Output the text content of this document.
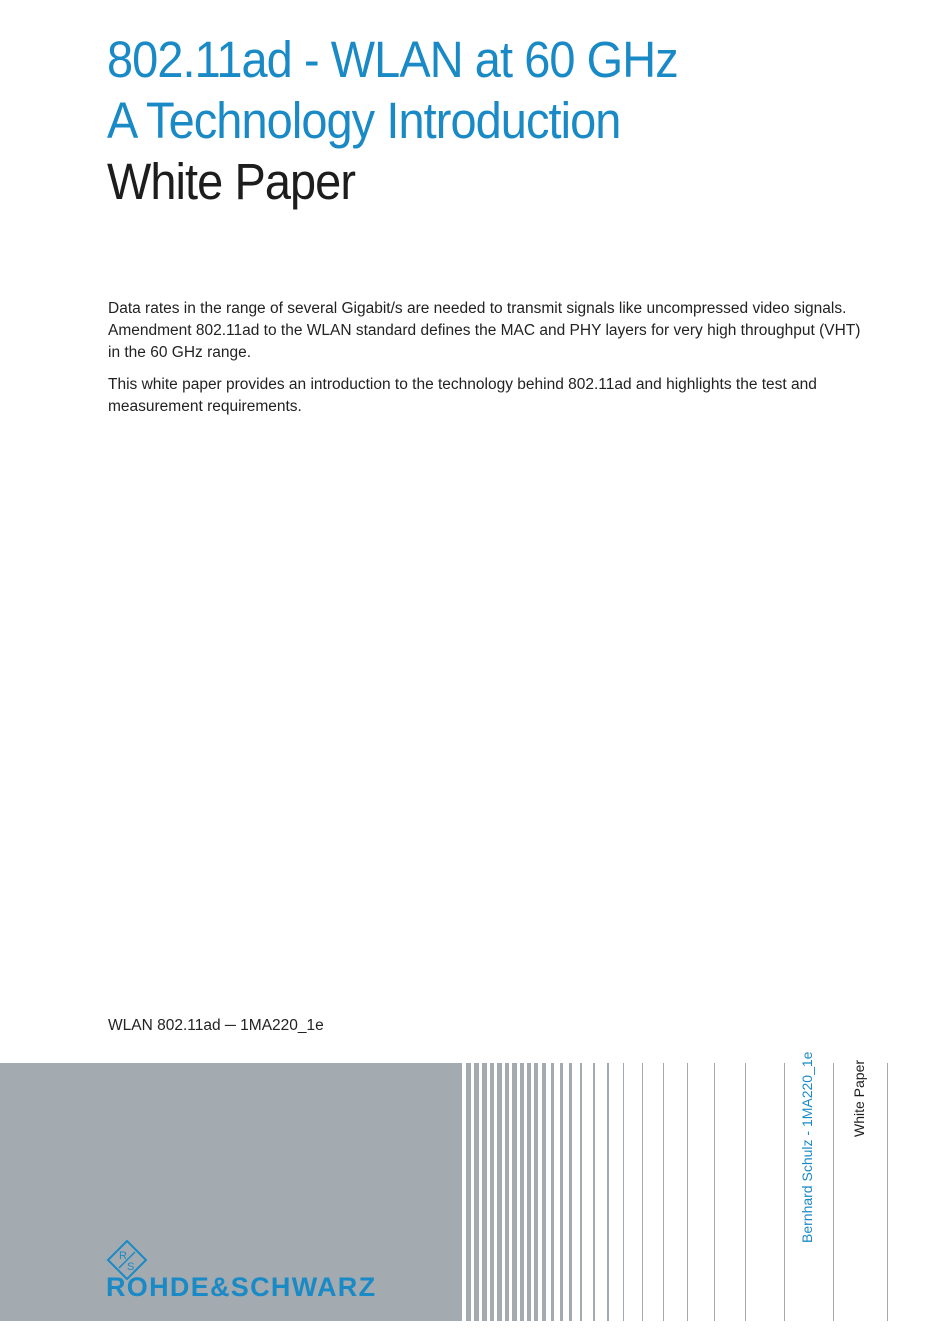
802.11ad - WLAN at 60 GHz
A Technology Introduction
White Paper

Data rates in the range of several Gigabit/s are needed to transmit signals like uncompressed video signals. Amendment 802.11ad to the WLAN standard defines the MAC and PHY layers for very high throughput (VHT) in the 60 GHz range.

This white paper provides an introduction to the technology behind 802.11ad and highlights the test and measurement requirements.

WLAN 802.11ad ─ 1MA220_1e
Bernhard Schulz - 1MA220_1e	White Paper
R
S
ROHDE&SCHWARZ
